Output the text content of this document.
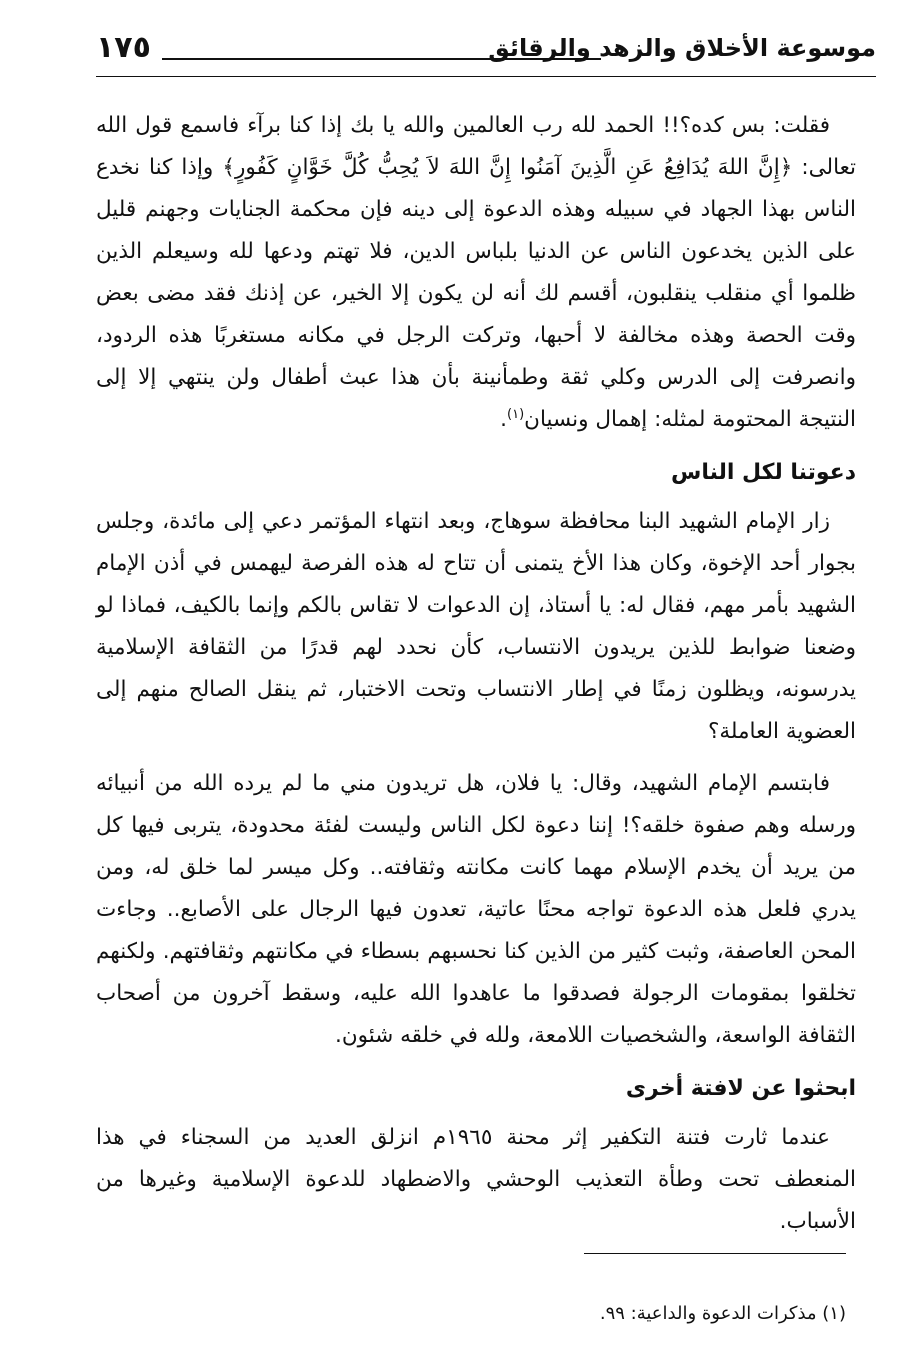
١٧٥	موسوعة الأخلاق والزهد والرقائق

فقلت: بس كده؟!! الحمد لله رب العالمين والله يا بك إذا كنا برآء فاسمع قول الله تعالى: ﴿إِنَّ اللهَ يُدَافِعُ عَنِ الَّذِينَ آمَنُوا إِنَّ اللهَ لاَ يُحِبُّ كُلَّ خَوَّانٍ كَفُورٍ﴾ وإذا كنا نخدع الناس بهذا الجهاد في سبيله وهذه الدعوة إلى دينه فإن محكمة الجنايات وجهنم قليل على الذين يخدعون الناس عن الدنيا بلباس الدين، فلا تهتم ودعها لله وسيعلم الذين ظلموا أي منقلب ينقلبون، أقسم لك أنه لن يكون إلا الخير، عن إذنك فقد مضى بعض وقت الحصة وهذه مخالفة لا أحبها، وتركت الرجل في مكانه مستغربًا هذه الردود، وانصرفت إلى الدرس وكلي ثقة وطمأنينة بأن هذا عبث أطفال ولن ينتهي إلا إلى النتيجة المحتومة لمثله: إهمال ونسيان$^{(١)}$.

دعوتنا لكل الناس

زار الإمام الشهيد البنا محافظة سوهاج، وبعد انتهاء المؤتمر دعي إلى مائدة، وجلس بجوار أحد الإخوة، وكان هذا الأخ يتمنى أن تتاح له هذه الفرصة ليهمس في أذن الإمام الشهيد بأمر مهم، فقال له: يا أستاذ، إن الدعوات لا تقاس بالكم وإنما بالكيف، فماذا لو وضعنا ضوابط للذين يريدون الانتساب، كأن نحدد لهم قدرًا من الثقافة الإسلامية يدرسونه، ويظلون زمنًا في إطار الانتساب وتحت الاختبار، ثم ينقل الصالح منهم إلى العضوية العاملة؟

فابتسم الإمام الشهيد، وقال: يا فلان، هل تريدون مني ما لم يرده الله من أنبيائه ورسله وهم صفوة خلقه؟! إننا دعوة لكل الناس وليست لفئة محدودة، يتربى فيها كل من يريد أن يخدم الإسلام مهما كانت مكانته وثقافته.. وكل ميسر لما خلق له، ومن يدري فلعل هذه الدعوة تواجه محنًا عاتية، تعدون فيها الرجال على الأصابع.. وجاءت المحن العاصفة، وثبت كثير من الذين كنا نحسبهم بسطاء في مكانتهم وثقافتهم. ولكنهم تخلقوا بمقومات الرجولة فصدقوا ما عاهدوا الله عليه، وسقط آخرون من أصحاب الثقافة الواسعة، والشخصيات اللامعة، ولله في خلقه شئون.

ابحثوا عن لافتة أخرى

عندما ثارت فتنة التكفير إثر محنة ١٩٦٥م انزلق العديد من السجناء في هذا المنعطف تحت وطأة التعذيب الوحشي والاضطهاد للدعوة الإسلامية وغيرها من الأسباب.

(١) مذكرات الدعوة والداعية: ٩٩.
